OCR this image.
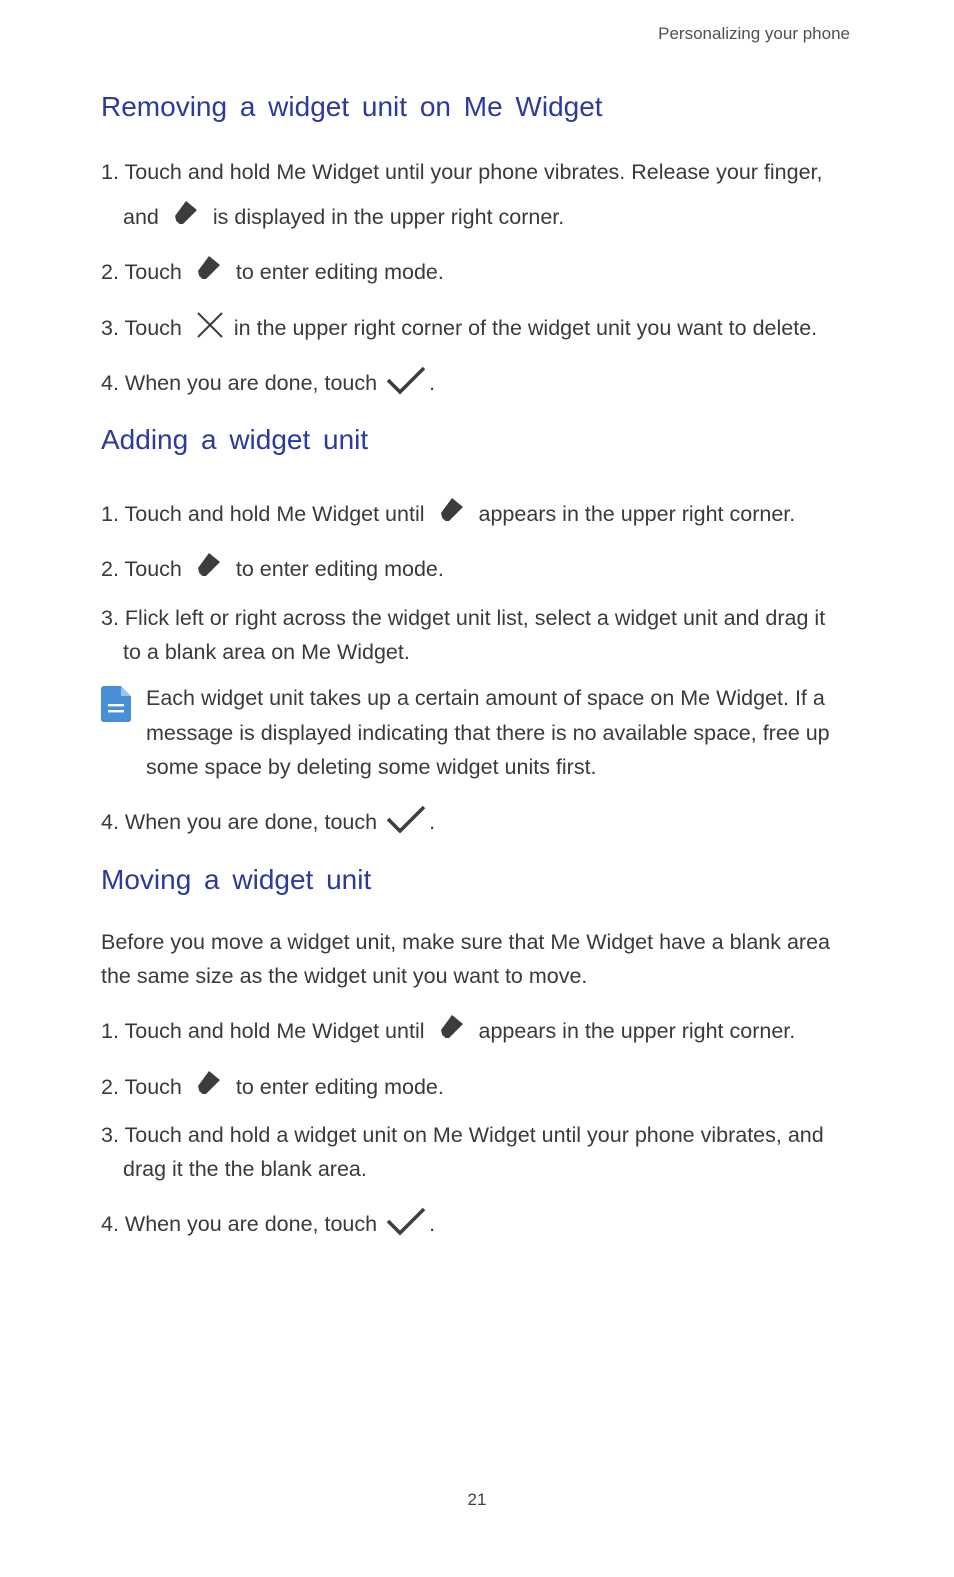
Personalizing your phone
Removing a widget unit on Me Widget
1. Touch and hold Me Widget until your phone vibrates. Release your finger,
and	is displayed in the upper right corner.
2. Touch	to enter editing mode.
3. Touch in the upper right corner of the widget unit you want to delete.
4. When you are done, touch .
Adding a widget unit
1. Touch and hold Me Widget until	appears in the upper right corner.
2. Touch	to enter editing mode.
3. Flick left or right across the widget unit list, select a widget unit and drag it
to a blank area on Me Widget.
Each widget unit takes up a certain amount of space on Me Widget. If a
message is displayed indicating that there is no available space, free up
some space by deleting some widget units first.
4. When you are done, touch .
Moving a widget unit
Before you move a widget unit, make sure that Me Widget have a blank area
the same size as the widget unit you want to move.
1. Touch and hold Me Widget until	appears in the upper right corner.
2. Touch	to enter editing mode.
3. Touch and hold a widget unit on Me Widget until your phone vibrates, and
drag it the the blank area.
4. When you are done, touch .
21
